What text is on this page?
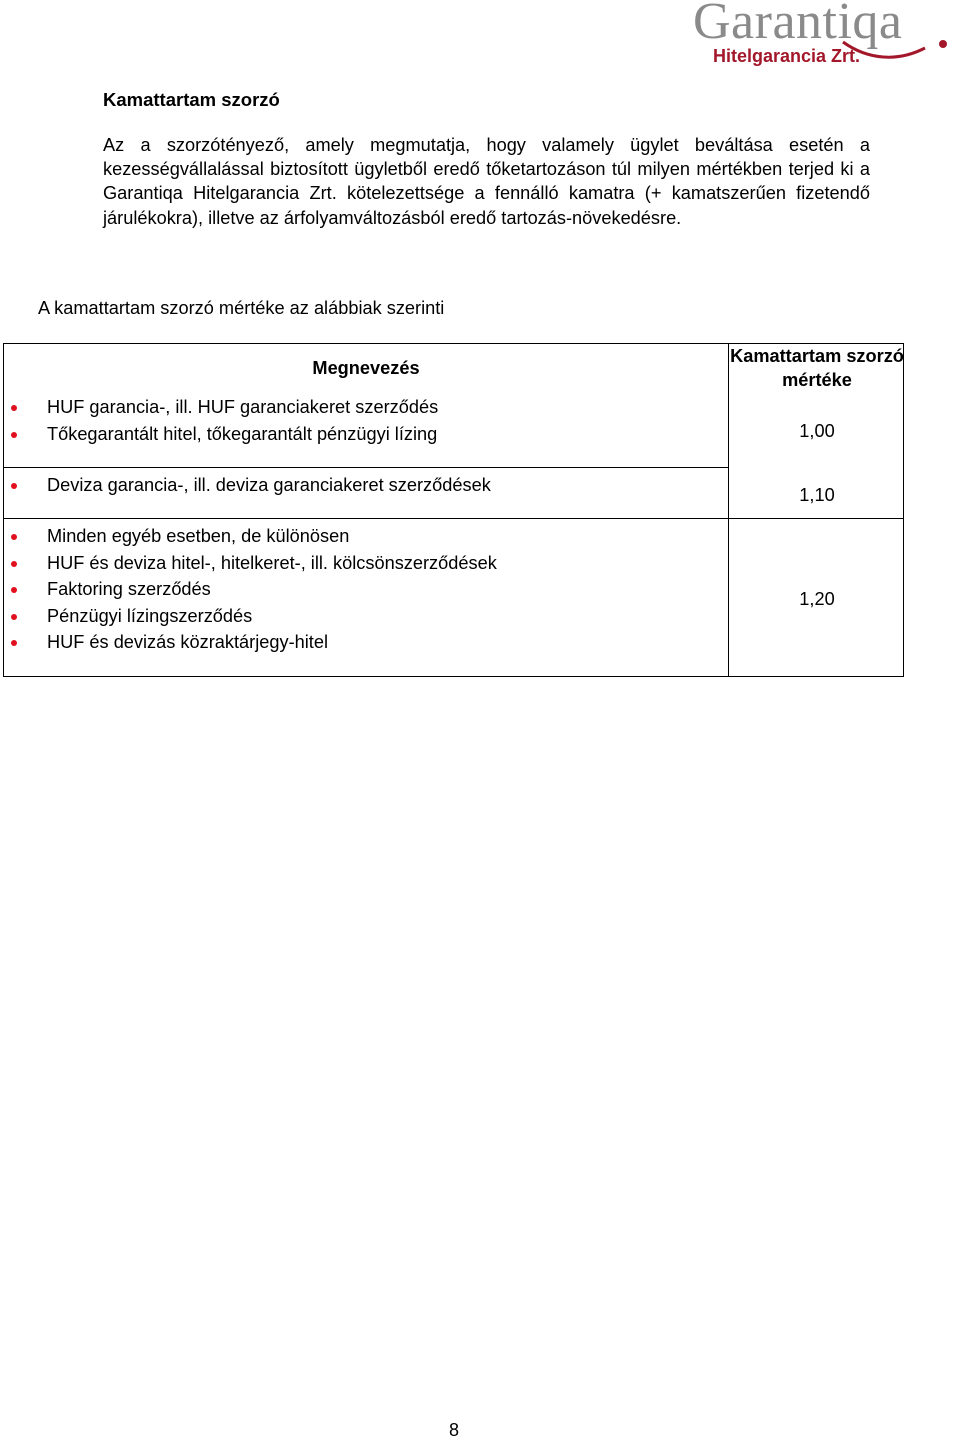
Garantiqa
Hitelgarancia Zrt.
Kamattartam szorzó

Az a szorzótényező, amely megmutatja, hogy valamely ügylet beváltása esetén a kezességvállalással biztosított ügyletből eredő tőketartozáson túl milyen mértékben terjed ki a Garantiqa Hitelgarancia Zrt. kötelezettsége a fennálló kamatra (+ kamatszerűen fizetendő járulékokra), illetve az árfolyamváltozásból eredő tartozás-növekedésre.

A kamattartam szorzó mértéke az alábbiak szerinti

Megnevezés
Kamattartam szorzó mértéke
HUF garancia-, ill. HUF garanciakeret szerződés
Tőkegarantált hitel, tőkegarantált pénzügyi lízing	1,00
Deviza garancia-, ill. deviza garanciakeret szerződések	1,10
Minden egyéb esetben, de különösen
HUF és deviza hitel-, hitelkeret-, ill. kölcsönszerződések
Faktoring szerződés
Pénzügyi lízingszerződés
HUF és devizás közraktárjegy-hitel
1,20
8
